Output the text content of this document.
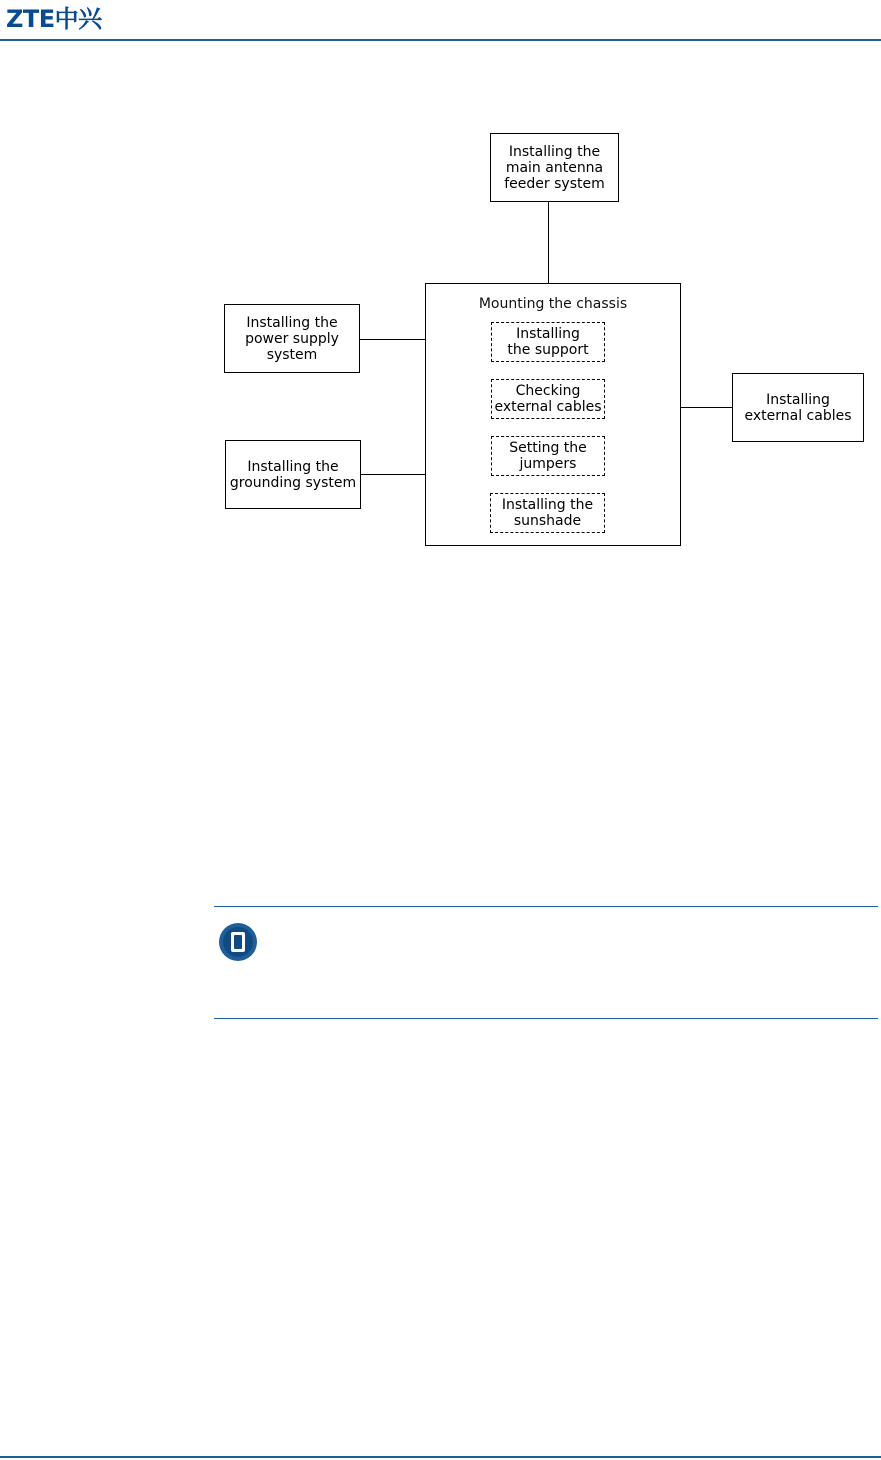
ZTE中兴
Installing the
main antenna
feeder system
Installing the
power supply
system
Installing the
grounding system
Installing
external cables
Mounting the chassis
Installing
the support
Checking
external cables
Setting the
jumpers
Installing the
sunshade
